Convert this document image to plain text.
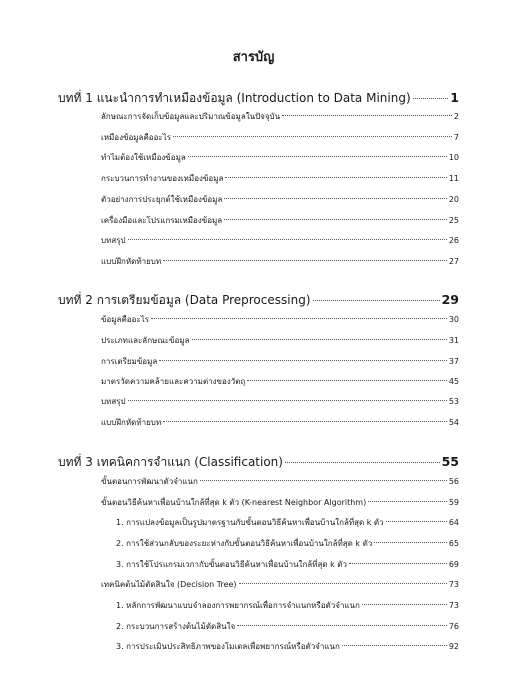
สารบัญ
บทที่ 1 แนะนำการทำเหมืองข้อมูล (Introduction to Data Mining)	1
ลักษณะการจัดเก็บข้อมูลและปริมาณข้อมูลในปัจจุบัน	2
เหมืองข้อมูลคืออะไร	7
ทำไมต้องใช้เหมืองข้อมูล	10
กระบวนการทำงานของเหมืองข้อมูล	11
ตัวอย่างการประยุกต์ใช้เหมืองข้อมูล	20
เครื่องมือและโปรแกรมเหมืองข้อมูล	25
บทสรุป	26
แบบฝึกหัดท้ายบท	27
บทที่ 2 การเตรียมข้อมูล (Data Preprocessing)	29
ข้อมูลคืออะไร	30
ประเภทและลักษณะข้อมูล	31
การเตรียมข้อมูล	37
มาตรวัดความคล้ายและความต่างของวัตถุ	45
บทสรุป	53
แบบฝึกหัดท้ายบท	54
บทที่ 3 เทคนิคการจำแนก (Classification)	55
ขั้นตอนการพัฒนาตัวจำแนก	56
ขั้นตอนวิธีค้นหาเพื่อนบ้านใกล้ที่สุด k ตัว (K-nearest Neighbor Algorithm)	59
1. การแปลงข้อมูลเป็นรูปมาตรฐานกับขั้นตอนวิธีค้นหาเพื่อนบ้านใกล้ที่สุด k ตัว	64
2. การใช้ส่วนกลับของระยะห่างกับขั้นตอนวิธีค้นหาเพื่อนบ้านใกล้ที่สุด k ตัว	65
3. การใช้โปรแกรมเวกากับขั้นตอนวิธีค้นหาเพื่อนบ้านใกล้ที่สุด k ตัว	69
เทคนิคต้นไม้ตัดสินใจ (Decision Tree)	73
1. หลักการพัฒนาแบบจำลองการพยากรณ์เพื่อการจำแนกหรือตัวจำแนก	73
2. กระบวนการสร้างต้นไม้ตัดสินใจ	76
3. การประเมินประสิทธิภาพของโมเดลเพื่อพยากรณ์หรือตัวจำแนก	92
